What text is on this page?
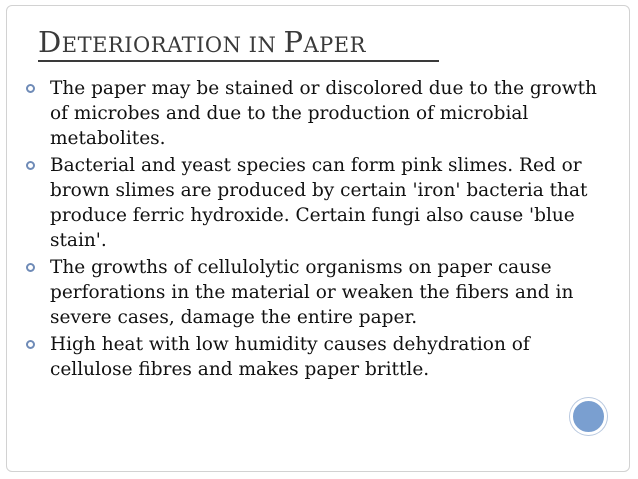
DETERIORATION IN PAPER
The paper may be stained or discolored due to the growth of microbes and due to the production of microbial metabolites.
Bacterial and yeast species can form pink slimes. Red or brown slimes are produced by certain 'iron' bacteria that produce ferric hydroxide. Certain fungi also cause 'blue stain'.
The growths of cellulolytic organisms on paper cause perforations in the material or weaken the fibers and in severe cases, damage the entire paper.
High heat with low humidity causes dehydration of cellulose fibres and makes paper brittle.
